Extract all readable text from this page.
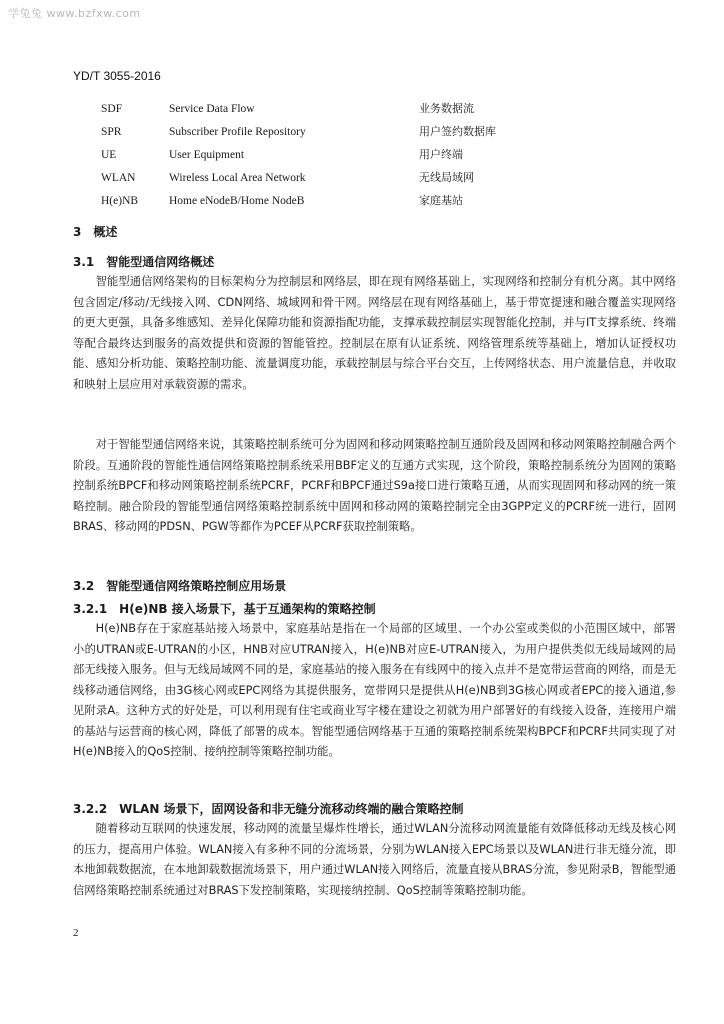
学兔兔 www.bzfxw.com
YD/T 3055-2016
SDF	Service Data Flow	业务数据流
SPR	Subscriber Profile Repository	用户签约数据库
UE	User Equipment	用户终端
WLAN	Wireless Local Area Network	无线局域网
H(e)NB	Home eNodeB/Home NodeB	家庭基站
3　概述
3.1　智能型通信网络概述

智能型通信网络架构的目标架构分为控制层和网络层，即在现有网络基础上，实现网络和控制分有机分离。其中网络包含固定/移动/无线接入网、CDN网络、城域网和骨干网。网络层在现有网络基础上，基于带宽提速和融合覆盖实现网络的更大更强，具备多维感知、差异化保障功能和资源指配功能，支撑承载控制层实现智能化控制，并与IT支撑系统、终端等配合最终达到服务的高效提供和资源的智能管控。控制层在原有认证系统、网络管理系统等基础上，增加认证授权功能、感知分析功能、策略控制功能、流量调度功能，承载控制层与综合平台交互，上传网络状态、用户流量信息，并收取和映射上层应用对承载资源的需求。

对于智能型通信网络来说，其策略控制系统可分为固网和移动网策略控制互通阶段及固网和移动网策略控制融合两个阶段。互通阶段的智能性通信网络策略控制系统采用BBF定义的互通方式实现，这个阶段，策略控制系统分为固网的策略控制系统BPCF和移动网策略控制系统PCRF，PCRF和BPCF通过S9a接口进行策略互通，从而实现固网和移动网的统一策略控制。融合阶段的智能型通信网络策略控制系统中固网和移动网的策略控制完全由3GPP定义的PCRF统一进行，固网BRAS、移动网的PDSN、PGW等都作为PCEF从PCRF获取控制策略。

3.2　智能型通信网络策略控制应用场景
3.2.1　H(e)NB 接入场景下，基于互通架构的策略控制

H(e)NB存在于家庭基站接入场景中，家庭基站是指在一个局部的区域里、一个办公室或类似的小范围区域中，部署小的UTRAN或E-UTRAN的小区，HNB对应UTRAN接入，H(e)NB对应E-UTRAN接入，为用户提供类似无线局域网的局部无线接入服务。但与无线局域网不同的是，家庭基站的接入服务在有线网中的接入点并不是宽带运营商的网络，而是无线移动通信网络，由3G核心网或EPC网络为其提供服务，宽带网只是提供从H(e)NB到3G核心网或者EPC的接入通道,参见附录A。这种方式的好处是，可以利用现有住宅或商业写字楼在建设之初就为用户部署好的有线接入设备，连接用户端的基站与运营商的核心网，降低了部署的成本。智能型通信网络基于互通的策略控制系统架构BPCF和PCRF共同实现了对H(e)NB接入的QoS控制、接纳控制等策略控制功能。

3.2.2　WLAN 场景下，固网设备和非无缝分流移动终端的融合策略控制

随着移动互联网的快速发展，移动网的流量呈爆炸性增长，通过WLAN分流移动网流量能有效降低移动无线及核心网的压力，提高用户体验。WLAN接入有多种不同的分流场景，分别为WLAN接入EPC场景以及WLAN进行非无缝分流，即本地卸载数据流，在本地卸载数据流场景下，用户通过WLAN接入网络后，流量直接从BRAS分流，参见附录B，智能型通信网络策略控制系统通过对BRAS下发控制策略，实现接纳控制、QoS控制等策略控制功能。

2
